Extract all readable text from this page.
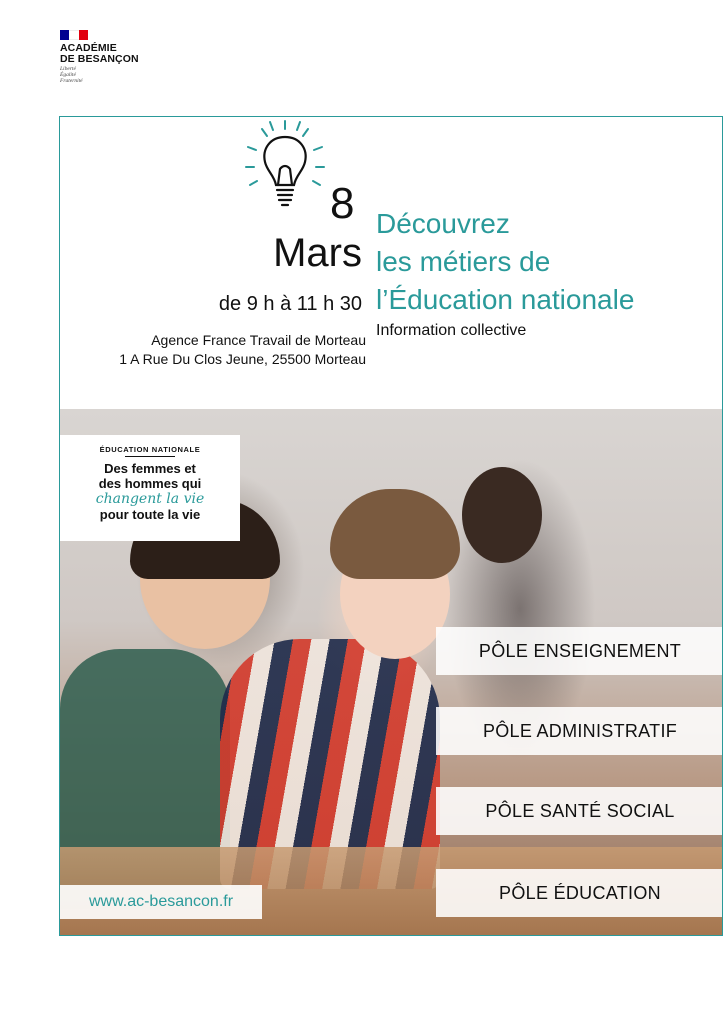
ACADÉMIE
DE BESANÇON
Liberté
Égalité
Fraternité
8
Mars
de 9 h à 11 h 30
Agence France Travail de Morteau
1 A Rue Du Clos Jeune, 25500 Morteau
Découvrez
les métiers de
l’Éducation nationale
Information collective
ÉDUCATION NATIONALE
Des femmes et
des hommes qui
changent la vie
pour toute la vie
PÔLE ENSEIGNEMENT
PÔLE ADMINISTRATIF
PÔLE SANTÉ SOCIAL
PÔLE ÉDUCATION
www.ac-besancon.fr
